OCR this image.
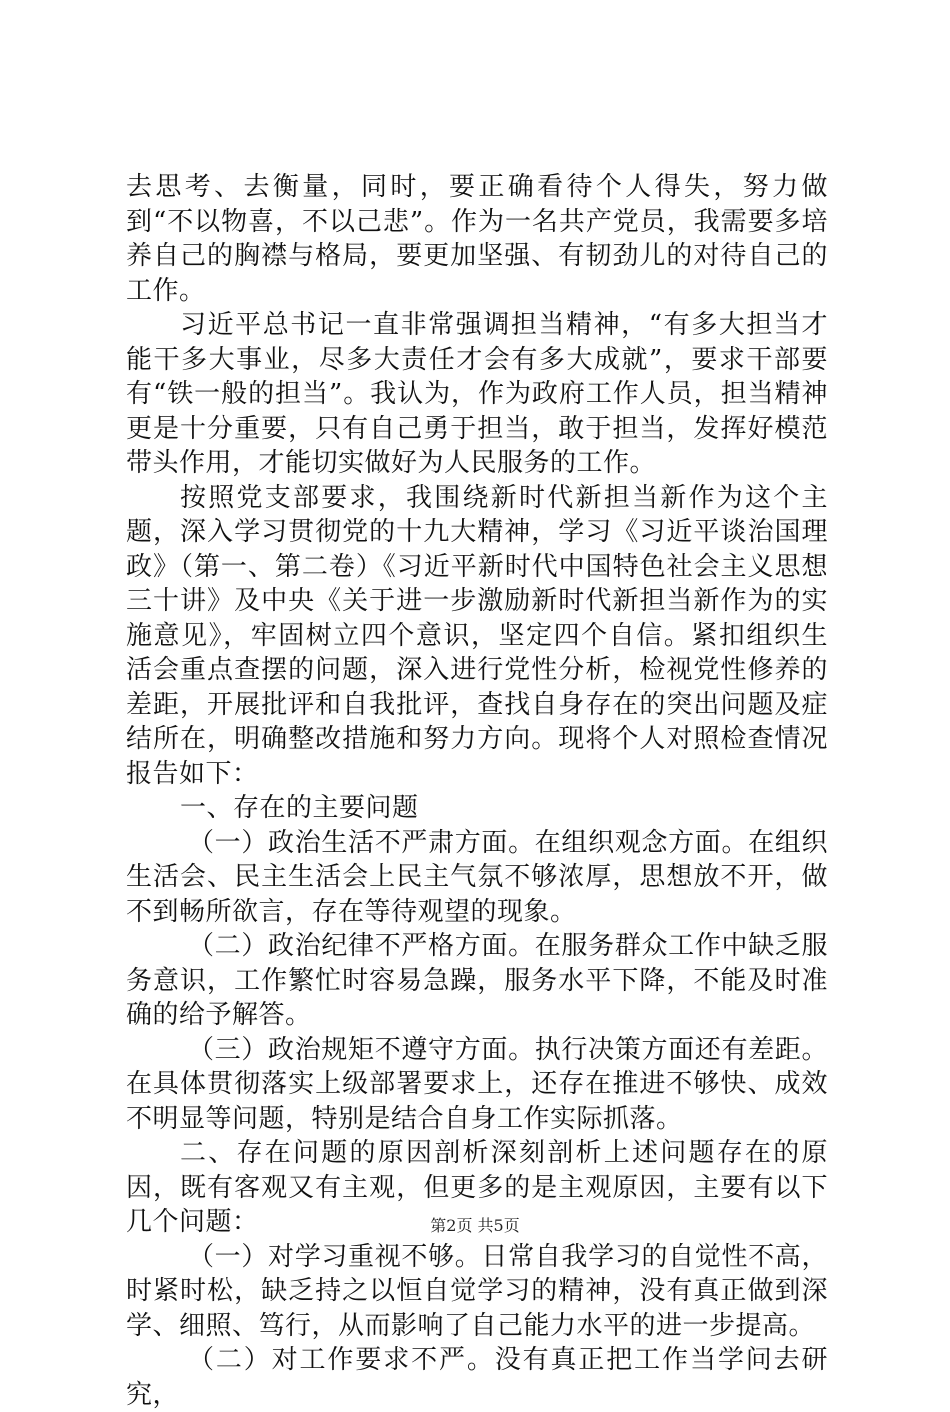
去思考、去衡量，同时，要正确看待个人得失，努力做到“不以物喜，不以己悲”。作为一名共产党员，我需要多培养自己的胸襟与格局，要更加坚强、有韧劲儿的对待自己的工作。

习近平总书记一直非常强调担当精神，“有多大担当才能干多大事业，尽多大责任才会有多大成就”，要求干部要有“铁一般的担当”。我认为，作为政府工作人员，担当精神更是十分重要，只有自己勇于担当，敢于担当，发挥好模范带头作用，才能切实做好为人民服务的工作。

按照党支部要求，我围绕新时代新担当新作为这个主题，深入学习贯彻党的十九大精神，学习《习近平谈治国理政》（第一、第二卷）《习近平新时代中国特色社会主义思想三十讲》及中央《关于进一步激励新时代新担当新作为的实施意见》，牢固树立四个意识，坚定四个自信。紧扣组织生活会重点查摆的问题，深入进行党性分析，检视党性修养的差距，开展批评和自我批评，查找自身存在的突出问题及症结所在，明确整改措施和努力方向。现将个人对照检查情况报告如下：

一、存在的主要问题

（一）政治生活不严肃方面。在组织观念方面。在组织生活会、民主生活会上民主气氛不够浓厚，思想放不开，做不到畅所欲言，存在等待观望的现象。

（二）政治纪律不严格方面。在服务群众工作中缺乏服务意识，工作繁忙时容易急躁，服务水平下降，不能及时准确的给予解答。

（三）政治规矩不遵守方面。执行决策方面还有差距。在具体贯彻落实上级部署要求上，还存在推进不够快、成效不明显等问题，特别是结合自身工作实际抓落。

二、存在问题的原因剖析深刻剖析上述问题存在的原因，既有客观又有主观，但更多的是主观原因，主要有以下几个问题：

（一）对学习重视不够。日常自我学习的自觉性不高，时紧时松，缺乏持之以恒自觉学习的精神，没有真正做到深学、细照、笃行，从而影响了自己能力水平的进一步提高。

（二）对工作要求不严。没有真正把工作当学问去研究，

第2页 共5页
